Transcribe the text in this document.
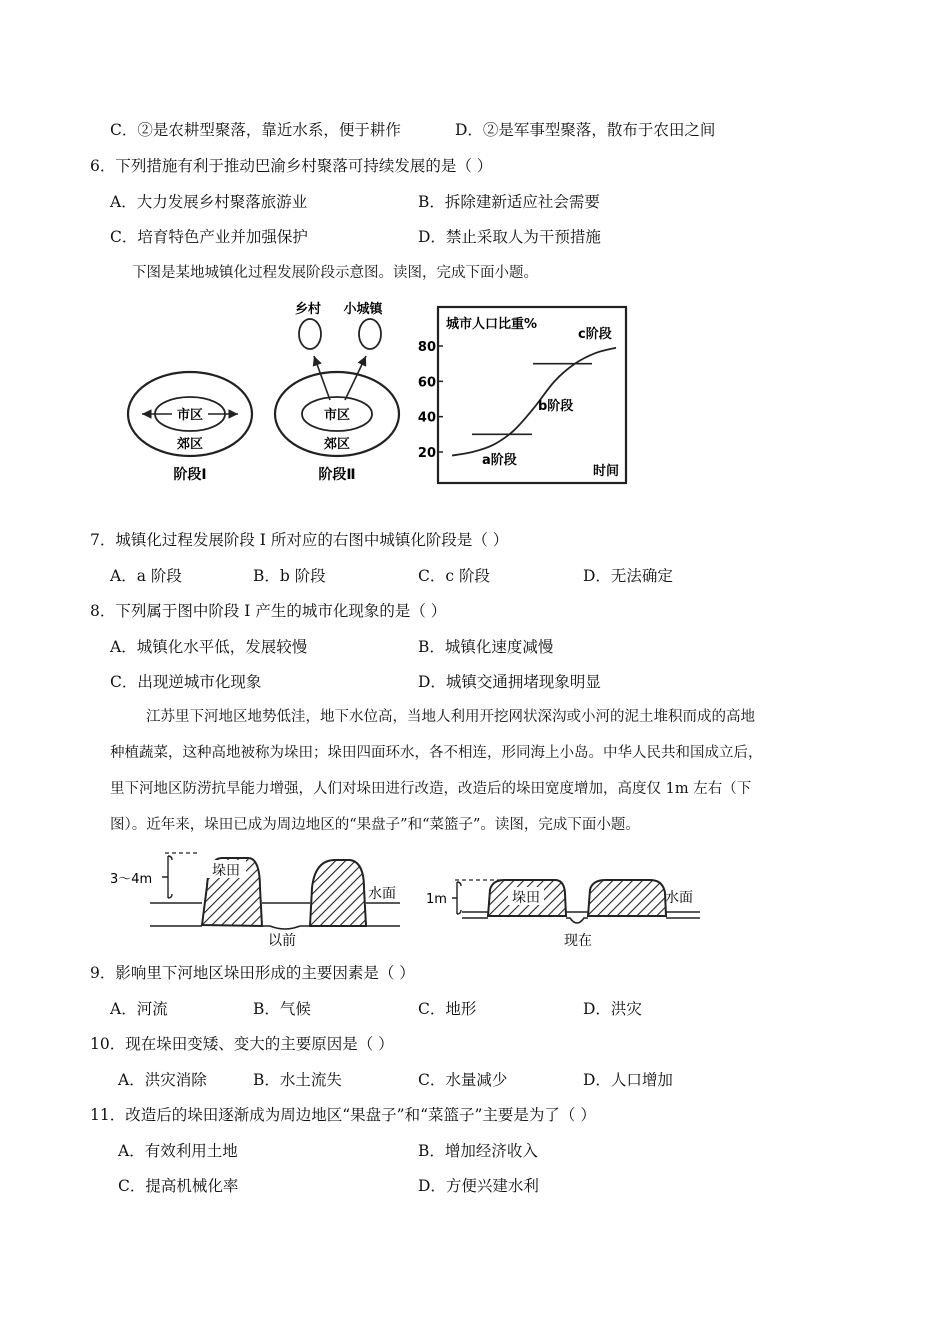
C．②是农耕型聚落，靠近水系，便于耕作	D．②是军事型聚落，散布于农田之间
6．下列措施有利于推动巴渝乡村聚落可持续发展的是（ ）
A．大力发展乡村聚落旅游业	B．拆除建新适应社会需要
C．培育特色产业并加强保护	D．禁止采取人为干预措施
下图是某地城镇化过程发展阶段示意图。读图，完成下面小题。
市区
郊区
阶段Ⅰ
市区
郊区
阶段Ⅱ
乡村 小城镇
城市人口比重%
时间
80
60
40
20	a阶段
b阶段
c阶段
7．城镇化过程发展阶段 I 所对应的右图中城镇化阶段是（ ）
A．a 阶段	B．b 阶段	C．c 阶段	D．无法确定
8．下列属于图中阶段 I 产生的城市化现象的是（ ）
A．城镇化水平低，发展较慢	B．城镇化速度减慢
C．出现逆城市化现象	D．城镇交通拥堵现象明显
江苏里下河地区地势低洼，地下水位高，当地人利用开挖网状深沟或小河的泥土堆积而成的高地
种植蔬菜，这种高地被称为垛田；垛田四面环水，各不相连，形同海上小岛。中华人民共和国成立后，
里下河地区防涝抗旱能力增强，人们对垛田进行改造，改造后的垛田宽度增加，高度仅 1m 左右（下
图）。近年来，垛田已成为周边地区的“果盘子”和“菜篮子”。读图，完成下面小题。
3～4m
垛田
水面
以前
1m	垛田	水面
现在
9．影响里下河地区垛田形成的主要因素是（ ）
A．河流	B．气候	C．地形	D．洪灾
10．现在垛田变矮、变大的主要原因是（ ）
A．洪灾消除	B．水土流失	C．水量减少	D．人口增加
11．改造后的垛田逐渐成为周边地区“果盘子”和“菜篮子”主要是为了（ ）
A．有效利用土地	B．增加经济收入
C．提高机械化率	D．方便兴建水利
